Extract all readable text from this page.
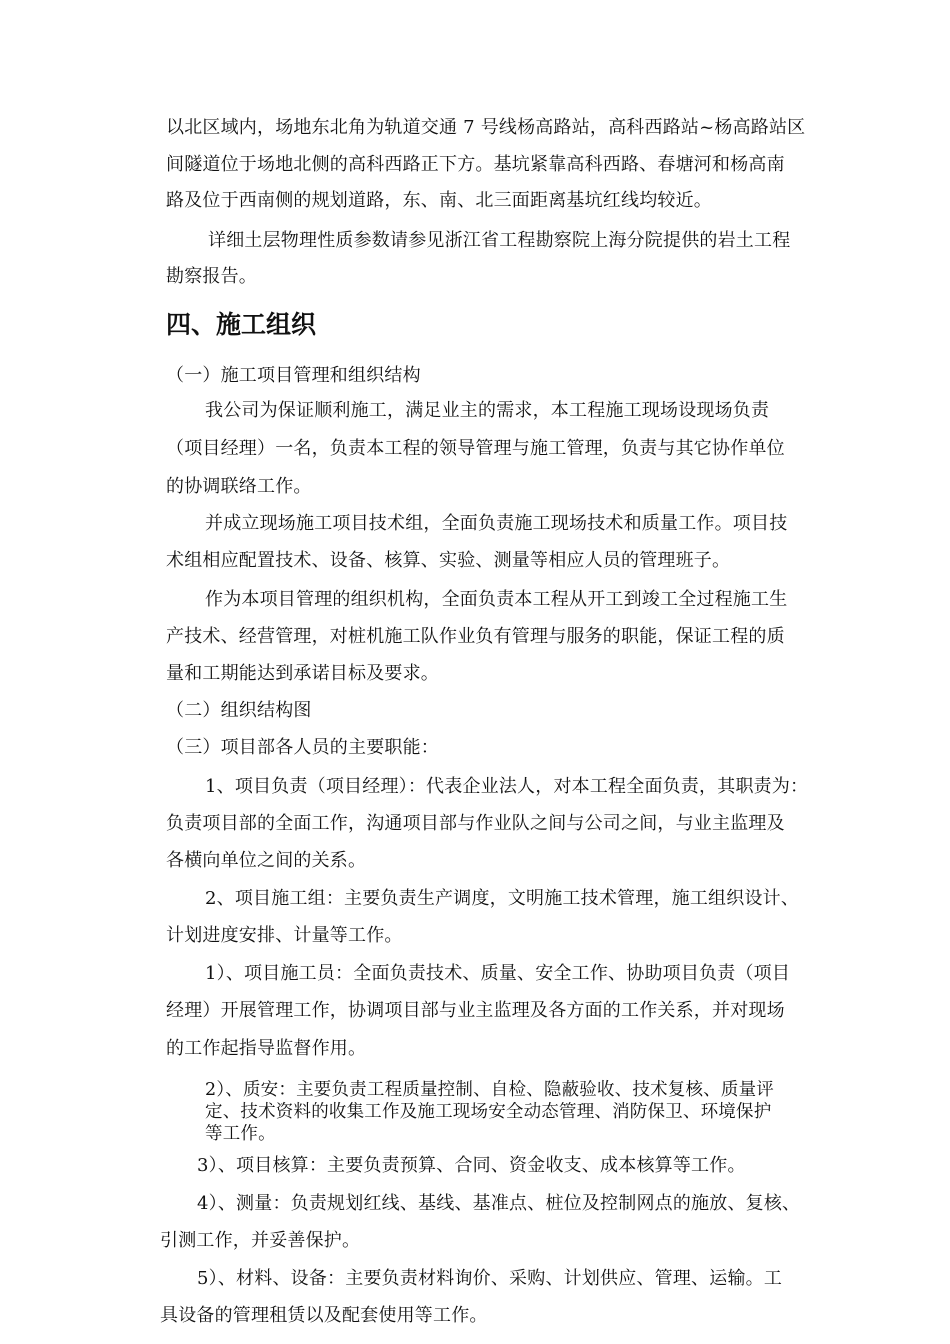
以北区域内，场地东北角为轨道交通 7 号线杨高路站，高科西路站~杨高路站区
间隧道位于场地北侧的高科西路正下方。基坑紧靠高科西路、春塘河和杨高南
路及位于西南侧的规划道路，东、南、北三面距离基坑红线均较近。
详细土层物理性质参数请参见浙江省工程勘察院上海分院提供的岩土工程
勘察报告。
四、施工组织
（一）施工项目管理和组织结构
我公司为保证顺利施工，满足业主的需求，本工程施工现场设现场负责
（项目经理）一名，负责本工程的领导管理与施工管理，负责与其它协作单位
的协调联络工作。
并成立现场施工项目技术组，全面负责施工现场技术和质量工作。项目技
术组相应配置技术、设备、核算、实验、测量等相应人员的管理班子。
作为本项目管理的组织机构，全面负责本工程从开工到竣工全过程施工生
产技术、经营管理，对桩机施工队作业负有管理与服务的职能，保证工程的质
量和工期能达到承诺目标及要求。
（二）组织结构图
（三）项目部各人员的主要职能：
1、项目负责（项目经理）：代表企业法人，对本工程全面负责，其职责为：
负责项目部的全面工作，沟通项目部与作业队之间与公司之间，与业主监理及
各横向单位之间的关系。
2、项目施工组：主要负责生产调度，文明施工技术管理，施工组织设计、
计划进度安排、计量等工作。
1）、项目施工员：全面负责技术、质量、安全工作、协助项目负责（项目
经理）开展管理工作，协调项目部与业主监理及各方面的工作关系，并对现场
的工作起指导监督作用。
2）、质安：主要负责工程质量控制、自检、隐蔽验收、技术复核、质量评
定、技术资料的收集工作及施工现场安全动态管理、消防保卫、环境保护
等工作。
3）、项目核算：主要负责预算、合同、资金收支、成本核算等工作。
4）、测量：负责规划红线、基线、基准点、桩位及控制网点的施放、复核、
引测工作，并妥善保护。
5）、材料、设备：主要负责材料询价、采购、计划供应、管理、运输。工
具设备的管理租赁以及配套使用等工作。
